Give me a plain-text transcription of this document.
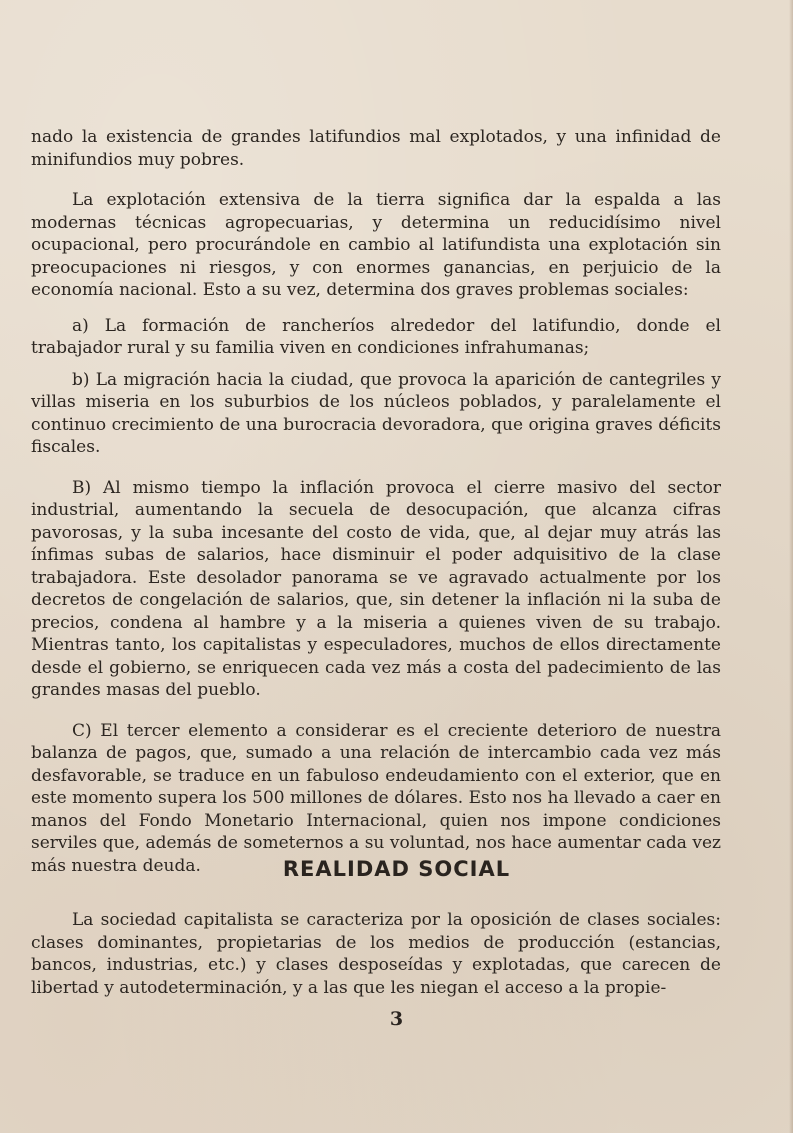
nado la existencia de grandes latifundios mal explotados, y una infinidad de minifundios muy pobres.

La explotación extensiva de la tierra significa dar la espalda a las modernas técnicas agropecuarias, y determina un reducidísimo nivel ocupacional, pero procurándole en cambio al latifundista una explotación sin preocupaciones ni riesgos, y con enormes ganancias, en perjuicio de la economía nacional. Esto a su vez, determina dos graves problemas sociales:

a) La formación de rancheríos alrededor del latifundio, donde el trabajador rural y su familia viven en condiciones infrahumanas;

b) La migración hacia la ciudad, que provoca la aparición de cantegriles y villas miseria en los suburbios de los núcleos poblados, y paralelamente el continuo crecimiento de una burocracia devoradora, que origina graves déficits fiscales.

B) Al mismo tiempo la inflación provoca el cierre masivo del sector industrial, aumentando la secuela de desocupación, que alcanza cifras pavorosas, y la suba incesante del costo de vida, que, al dejar muy atrás las ínfimas subas de salarios, hace disminuir el poder adquisitivo de la clase trabajadora. Este desolador panorama se ve agravado actualmente por los decretos de congelación de salarios, que, sin detener la inflación ni la suba de precios, condena al hambre y a la miseria a quienes viven de su trabajo. Mientras tanto, los capitalistas y especuladores, muchos de ellos directamente desde el gobierno, se enriquecen cada vez más a costa del padecimiento de las grandes masas del pueblo.

C) El tercer elemento a considerar es el creciente deterioro de nuestra balanza de pagos, que, sumado a una relación de intercambio cada vez más desfavorable, se traduce en un fabuloso endeudamiento con el exterior, que en este momento supera los 500 millones de dólares. Esto nos ha llevado a caer en manos del Fondo Monetario Internacional, quien nos impone condiciones serviles que, además de someternos a su voluntad, nos hace aumentar cada vez más nuestra deuda.	REALIDAD SOCIAL

La sociedad capitalista se caracteriza por la oposición de clases sociales: clases dominantes, propietarias de los medios de producción (estancias, bancos, industrias, etc.) y clases desposeídas y explotadas, que carecen de libertad y autodeterminación, y a las que les niegan el acceso a la propie-

3
